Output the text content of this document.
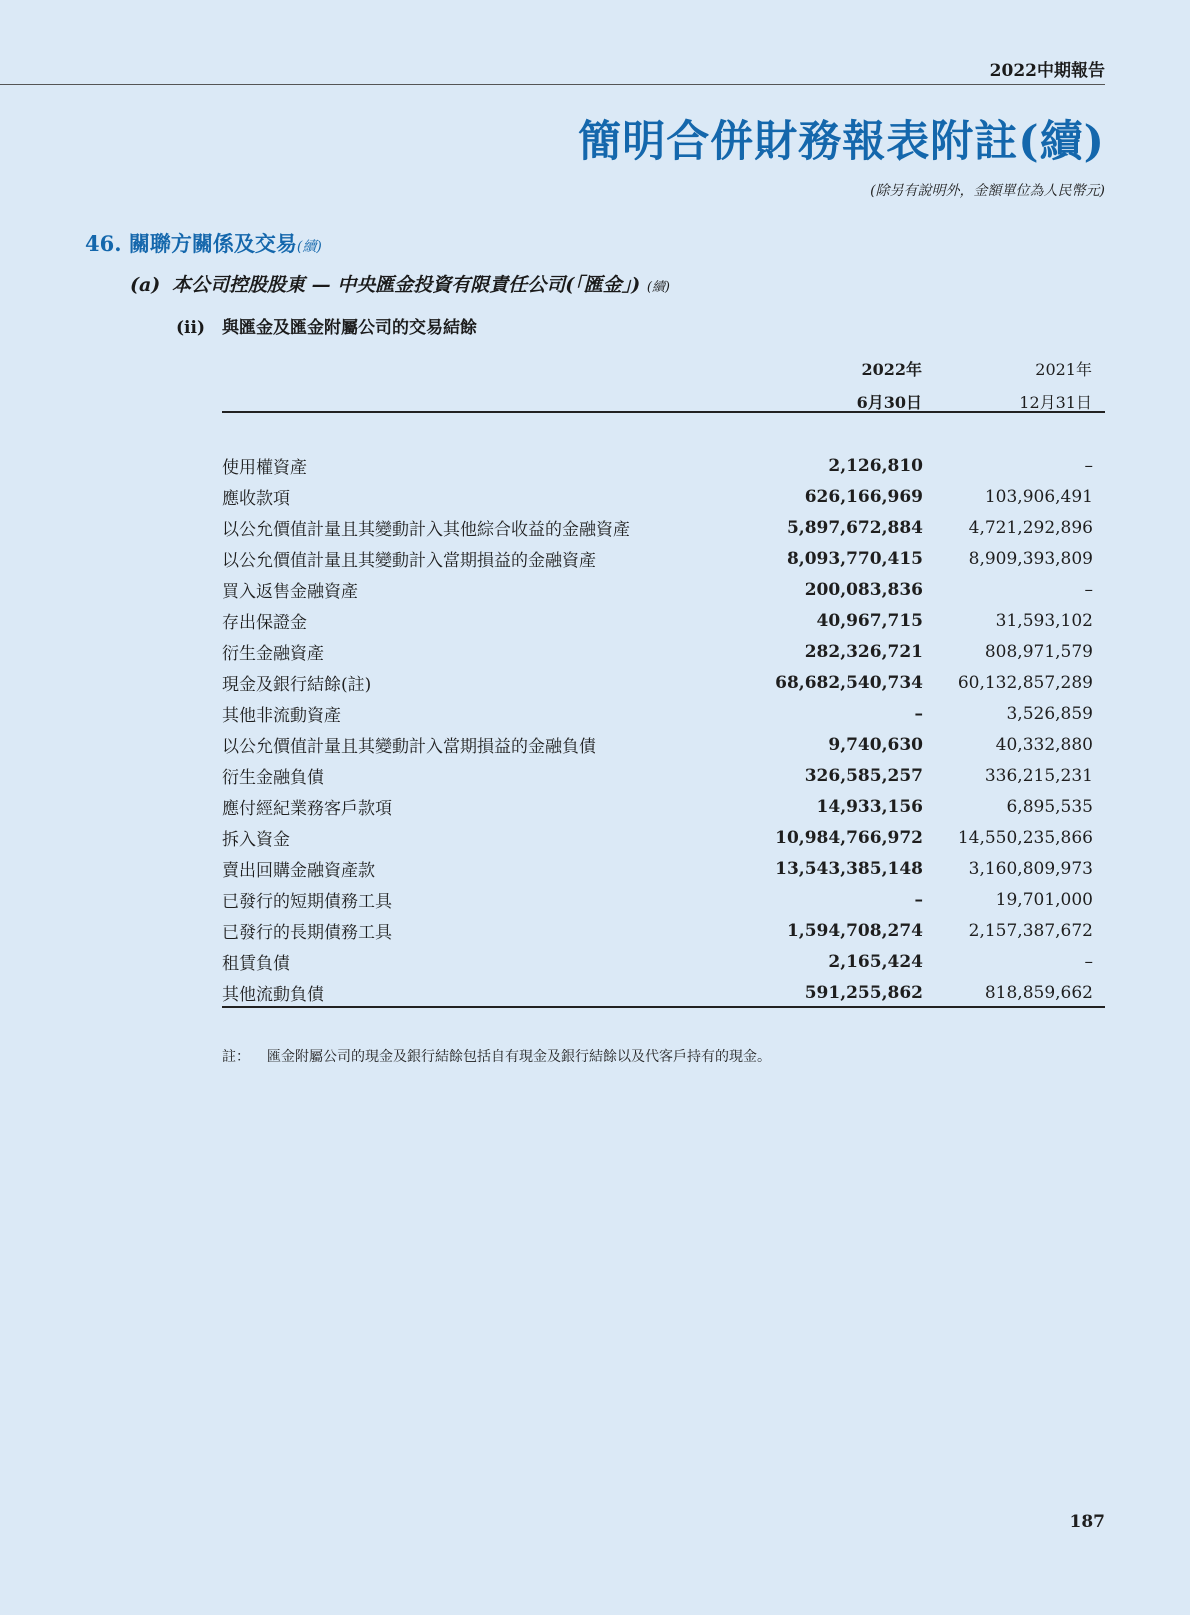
2022中期報告
簡明合併財務報表附註(續)
(除另有說明外，金額單位為人民幣元)
46. 關聯方關係及交易(續)
(a) 本公司控股股東 — 中央匯金投資有限責任公司(「匯金」) (續)
(ii) 與匯金及匯金附屬公司的交易結餘
2022年
6月30日
2021年
12月31日
使用權資產	2,126,810	–
應收款項	626,166,969	103,906,491
以公允價值計量且其變動計入其他綜合收益的金融資產	5,897,672,884	4,721,292,896
以公允價值計量且其變動計入當期損益的金融資產	8,093,770,415	8,909,393,809
買入返售金融資產	200,083,836	–
存出保證金	40,967,715	31,593,102
衍生金融資產	282,326,721	808,971,579
現金及銀行結餘(註)	68,682,540,734	60,132,857,289
其他非流動資產	–	3,526,859
以公允價值計量且其變動計入當期損益的金融負債	9,740,630	40,332,880
衍生金融負債	326,585,257	336,215,231
應付經紀業務客戶款項	14,933,156	6,895,535
拆入資金	10,984,766,972	14,550,235,866
賣出回購金融資產款	13,543,385,148	3,160,809,973
已發行的短期債務工具	–	19,701,000
已發行的長期債務工具	1,594,708,274	2,157,387,672
租賃負債	2,165,424	–
其他流動負債	591,255,862	818,859,662
註： 匯金附屬公司的現金及銀行結餘包括自有現金及銀行結餘以及代客戶持有的現金。
187
